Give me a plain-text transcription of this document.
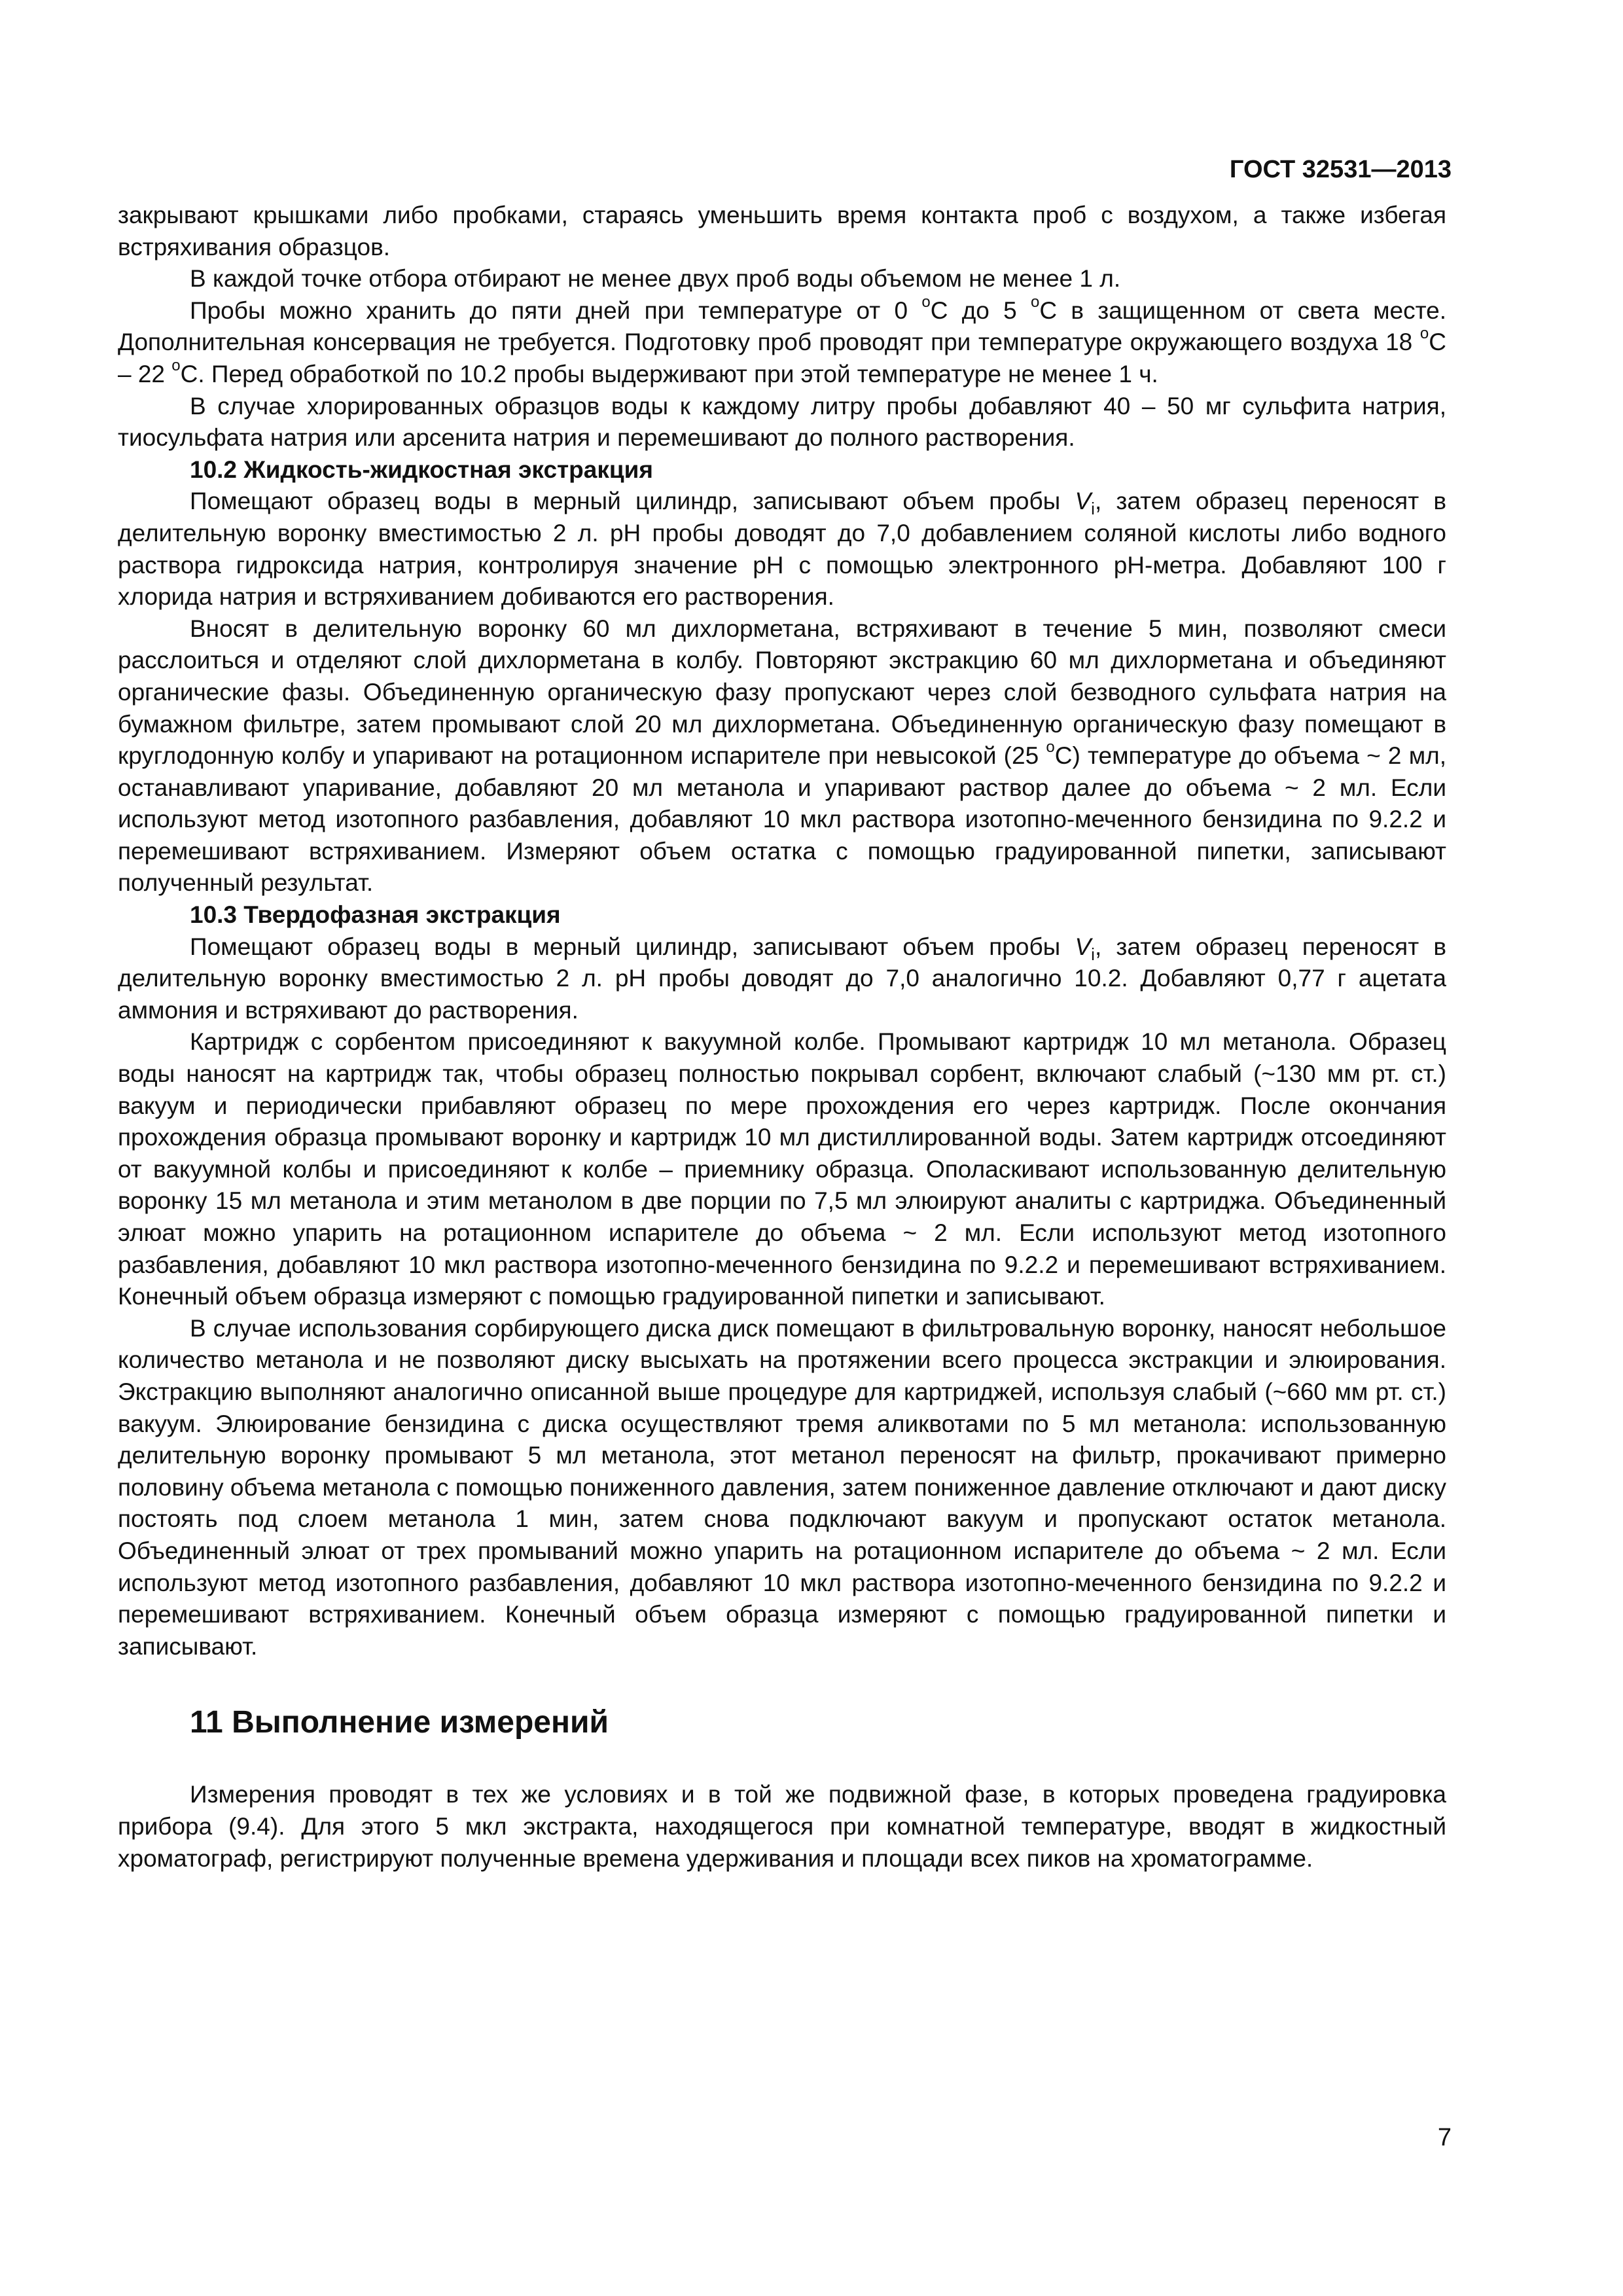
ГОСТ 32531—2013

закрывают крышками либо пробками, стараясь уменьшить время контакта проб с воздухом, а также избегая встряхивания образцов.

В каждой точке отбора отбирают не менее двух проб воды объемом не менее 1 л.

Пробы можно хранить до пяти дней при температуре от 0 $^о$С до 5 $^о$С в защищенном от света месте. Дополнительная консервация не требуется. Подготовку проб проводят при температуре окружающего воздуха 18 $^о$С – 22 $^о$С. Перед обработкой по 10.2 пробы выдерживают при этой температуре не менее 1 ч.

В случае хлорированных образцов воды к каждому литру пробы добавляют 40 – 50 мг сульфита натрия, тиосульфата натрия или арсенита натрия и перемешивают до полного растворения.

10.2 Жидкость-жидкостная экстракция

Помещают образец воды в мерный цилиндр, записывают объем пробы $V_i$, затем образец переносят в делительную воронку вместимостью 2 л. pH пробы доводят до 7,0 добавлением соляной кислоты либо водного раствора гидроксида натрия, контролируя значение pH с помощью электронного pH-метра. Добавляют 100 г хлорида натрия и встряхиванием добиваются его растворения.

Вносят в делительную воронку 60 мл дихлорметана, встряхивают в течение 5 мин, позволяют смеси расслоиться и отделяют слой дихлорметана в колбу. Повторяют экстракцию 60 мл дихлорметана и объединяют органические фазы. Объединенную органическую фазу пропускают через слой безводного сульфата натрия на бумажном фильтре, затем промывают слой 20 мл дихлорметана. Объединенную органическую фазу помещают в круглодонную колбу и упаривают на ротационном испарителе при невысокой (25 $^о$С) температуре до объема ~ 2 мл, останавливают упаривание, добавляют 20 мл метанола и упаривают раствор далее до объема ~ 2 мл. Если используют метод изотопного разбавления, добавляют 10 мкл раствора изотопно-меченного бензидина по 9.2.2 и перемешивают встряхиванием. Измеряют объем остатка с помощью градуированной пипетки, записывают полученный результат.

10.3 Твердофазная экстракция

Помещают образец воды в мерный цилиндр, записывают объем пробы $V_i$, затем образец переносят в делительную воронку вместимостью 2 л. pH пробы доводят до 7,0 аналогично 10.2. Добавляют 0,77 г ацетата аммония и встряхивают до растворения.

Картридж с сорбентом присоединяют к вакуумной колбе. Промывают картридж 10 мл метанола. Образец воды наносят на картридж так, чтобы образец полностью покрывал сорбент, включают слабый (~130 мм рт. ст.) вакуум и периодически прибавляют образец по мере прохождения его через картридж. После окончания прохождения образца промывают воронку и картридж 10 мл дистиллированной воды. Затем картридж отсоединяют от вакуумной колбы и присоединяют к колбе – приемнику образца. Ополаскивают использованную делительную воронку 15 мл метанола и этим метанолом в две порции по 7,5 мл элюируют аналиты с картриджа. Объединенный элюат можно упарить на ротационном испарителе до объема ~ 2 мл. Если используют метод изотопного разбавления, добавляют 10 мкл раствора изотопно-меченного бензидина по 9.2.2 и перемешивают встряхиванием. Конечный объем образца измеряют с помощью градуированной пипетки и записывают.

В случае использования сорбирующего диска диск помещают в фильтровальную воронку, наносят небольшое количество метанола и не позволяют диску высыхать на протяжении всего процесса экстракции и элюирования. Экстракцию выполняют аналогично описанной выше процедуре для картриджей, используя слабый (~660 мм рт. ст.) вакуум. Элюирование бензидина с диска осуществляют тремя аликвотами по 5 мл метанола: использованную делительную воронку промывают 5 мл метанола, этот метанол переносят на фильтр, прокачивают примерно половину объема метанола с помощью пониженного давления, затем пониженное давление отключают и дают диску постоять под слоем метанола 1 мин, затем снова подключают вакуум и пропускают остаток метанола. Объединенный элюат от трех промываний можно упарить на ротационном испарителе до объема ~ 2 мл. Если используют метод изотопного разбавления, добавляют 10 мкл раствора изотопно-меченного бензидина по 9.2.2 и перемешивают встряхиванием. Конечный объем образца измеряют с помощью градуированной пипетки и записывают.

11 Выполнение измерений

Измерения проводят в тех же условиях и в той же подвижной фазе, в которых проведена градуировка прибора (9.4). Для этого 5 мкл экстракта, находящегося при комнатной температуре, вводят в жидкостный хроматограф, регистрируют полученные времена удерживания и площади всех пиков на хроматограмме.

7
